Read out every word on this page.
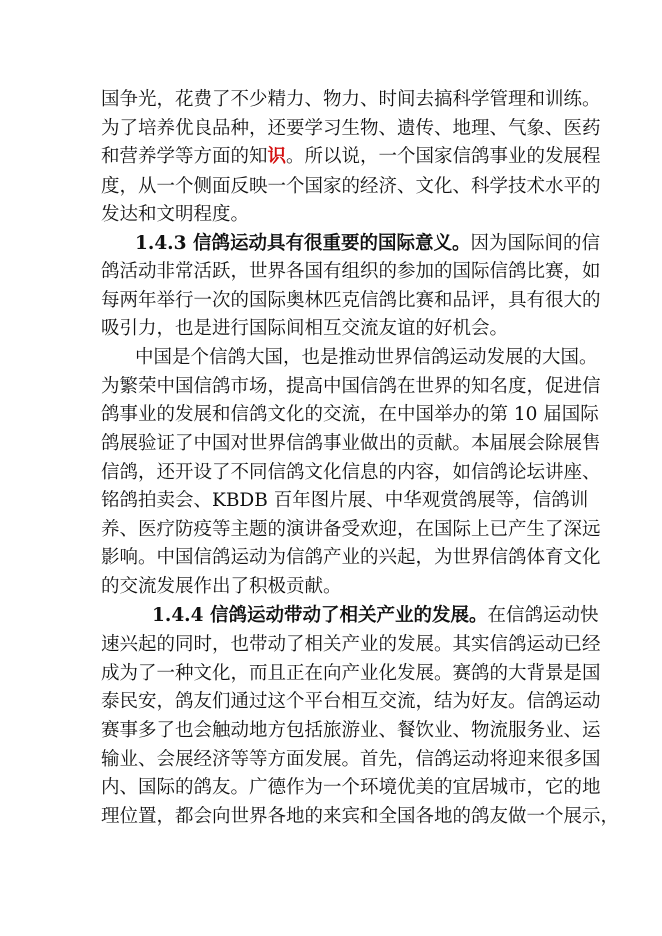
国争光，花费了不少精力、物力、时间去搞科学管理和训练。
为了培养优良品种，还要学习生物、遗传、地理、气象、医药
和营养学等方面的知识。所以说，一个国家信鸽事业的发展程
度，从一个侧面反映一个国家的经济、文化、科学技术水平的
发达和文明程度。
1.4.3 信鸽运动具有很重要的国际意义。因为国际间的信
鸽活动非常活跃，世界各国有组织的参加的国际信鸽比赛，如
每两年举行一次的国际奥林匹克信鸽比赛和品评，具有很大的
吸引力，也是进行国际间相互交流友谊的好机会。
中国是个信鸽大国，也是推动世界信鸽运动发展的大国。
为繁荣中国信鸽市场，提高中国信鸽在世界的知名度，促进信
鸽事业的发展和信鸽文化的交流，在中国举办的第 10 届国际
鸽展验证了中国对世界信鸽事业做出的贡献。本届展会除展售
信鸽，还开设了不同信鸽文化信息的内容，如信鸽论坛讲座、
铭鸽拍卖会、KBDB 百年图片展、中华观赏鸽展等，信鸽训
养、医疗防疫等主题的演讲备受欢迎，在国际上已产生了深远
影响。中国信鸽运动为信鸽产业的兴起，为世界信鸽体育文化
的交流发展作出了积极贡献。
1.4.4 信鸽运动带动了相关产业的发展。在信鸽运动快
速兴起的同时，也带动了相关产业的发展。其实信鸽运动已经
成为了一种文化，而且正在向产业化发展。赛鸽的大背景是国
泰民安，鸽友们通过这个平台相互交流，结为好友。信鸽运动
赛事多了也会触动地方包括旅游业、餐饮业、物流服务业、运
输业、会展经济等等方面发展。首先，信鸽运动将迎来很多国
内、国际的鸽友。广德作为一个环境优美的宜居城市，它的地
理位置，都会向世界各地的来宾和全国各地的鸽友做一个展示，
